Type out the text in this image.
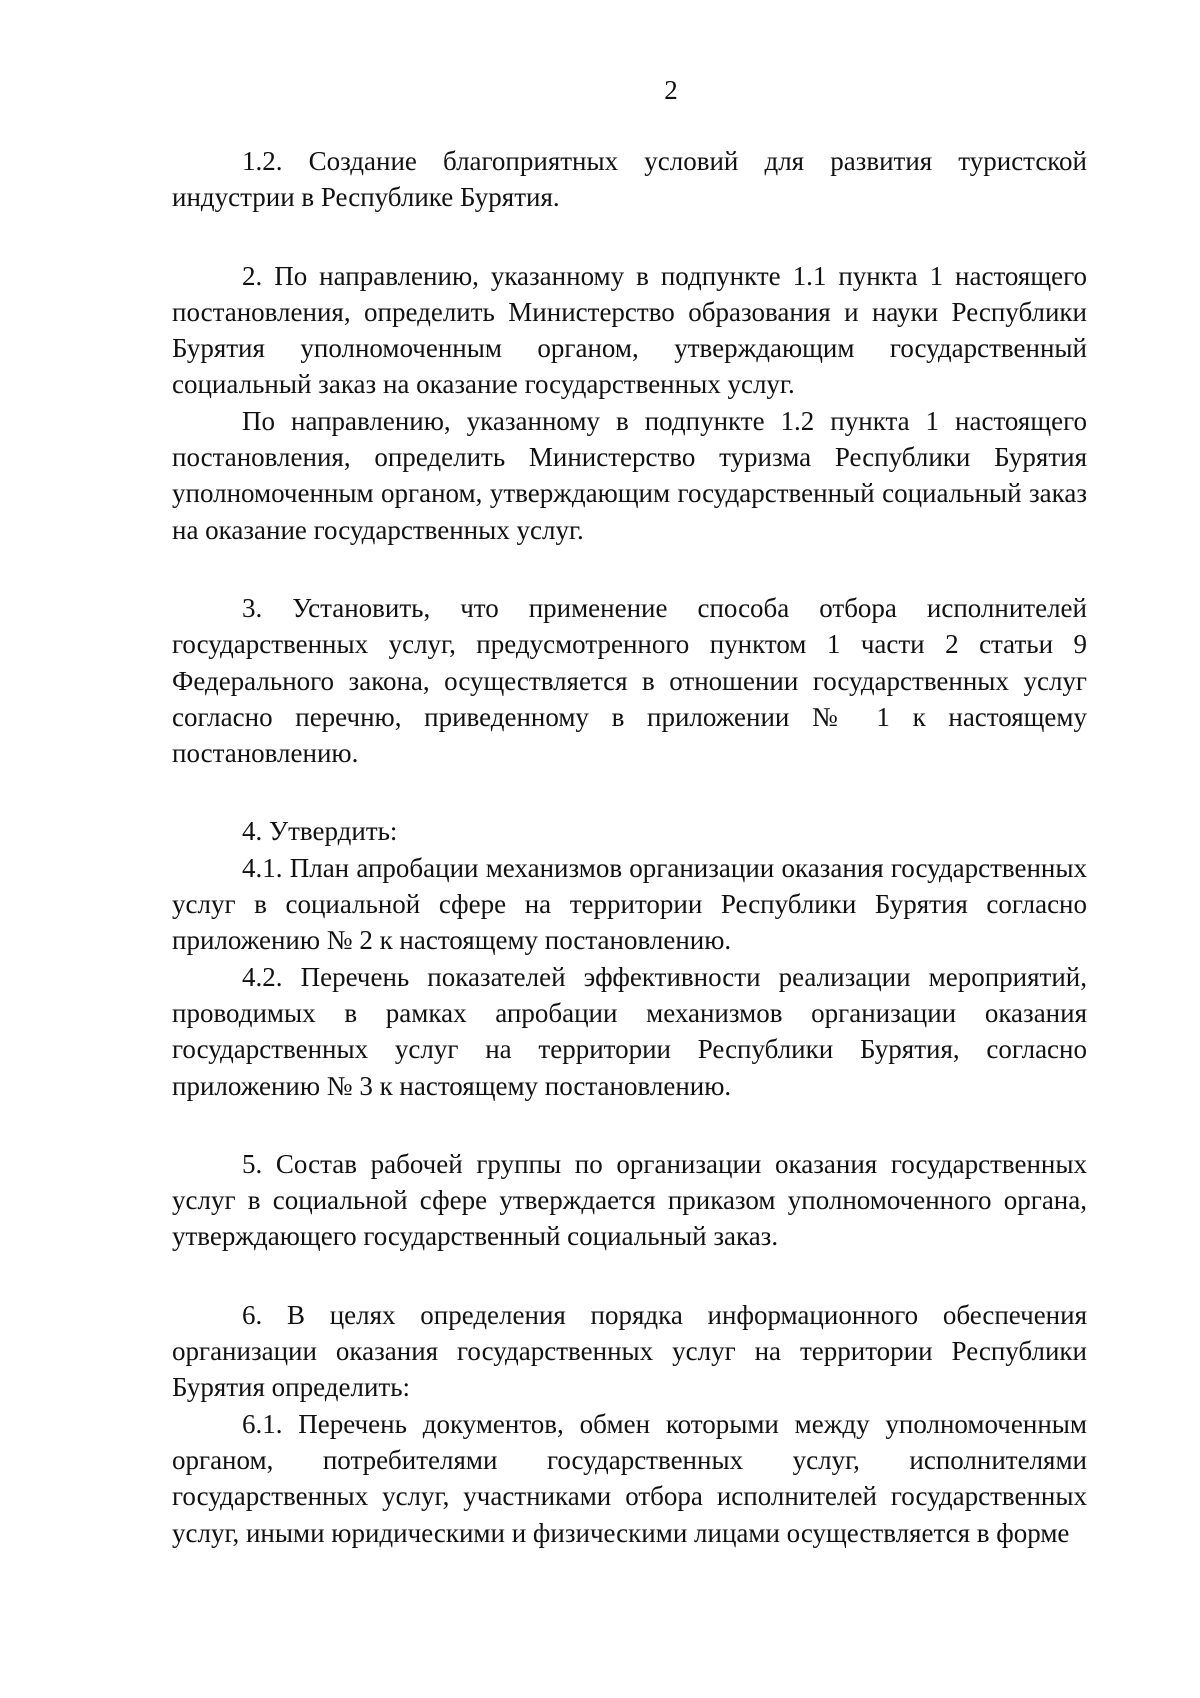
2

1.2. Создание благоприятных условий для развития туристской индустрии в Республике Бурятия.

2. По направлению, указанному в подпункте 1.1 пункта 1 настоящего постановления, определить Министерство образования и науки Республики Бурятия уполномоченным органом, утверждающим государственный социальный заказ на оказание государственных услуг.

По направлению, указанному в подпункте 1.2 пункта 1 настоящего постановления, определить Министерство туризма Республики Бурятия уполномоченным органом, утверждающим государственный социальный заказ на оказание государственных услуг.

3. Установить, что применение способа отбора исполнителей государственных услуг, предусмотренного пунктом 1 части 2 статьи 9 Федерального закона, осуществляется в отношении государственных услуг согласно перечню, приведенному в приложении № 1 к настоящему постановлению.

4. Утвердить:

4.1. План апробации механизмов организации оказания государственных услуг в социальной сфере на территории Республики Бурятия согласно приложению № 2 к настоящему постановлению.

4.2. Перечень показателей эффективности реализации мероприятий, проводимых в рамках апробации механизмов организации оказания государственных услуг на территории Республики Бурятия, согласно приложению № 3 к настоящему постановлению.

5. Состав рабочей группы по организации оказания государственных услуг в социальной сфере утверждается приказом уполномоченного органа, утверждающего государственный социальный заказ.

6. В целях определения порядка информационного обеспечения организации оказания государственных услуг на территории Республики Бурятия определить:

6.1. Перечень документов, обмен которыми между уполномоченным органом, потребителями государственных услуг, исполнителями государственных услуг, участниками отбора исполнителей государственных услуг, иными юридическими и физическими лицами осуществляется в форме
